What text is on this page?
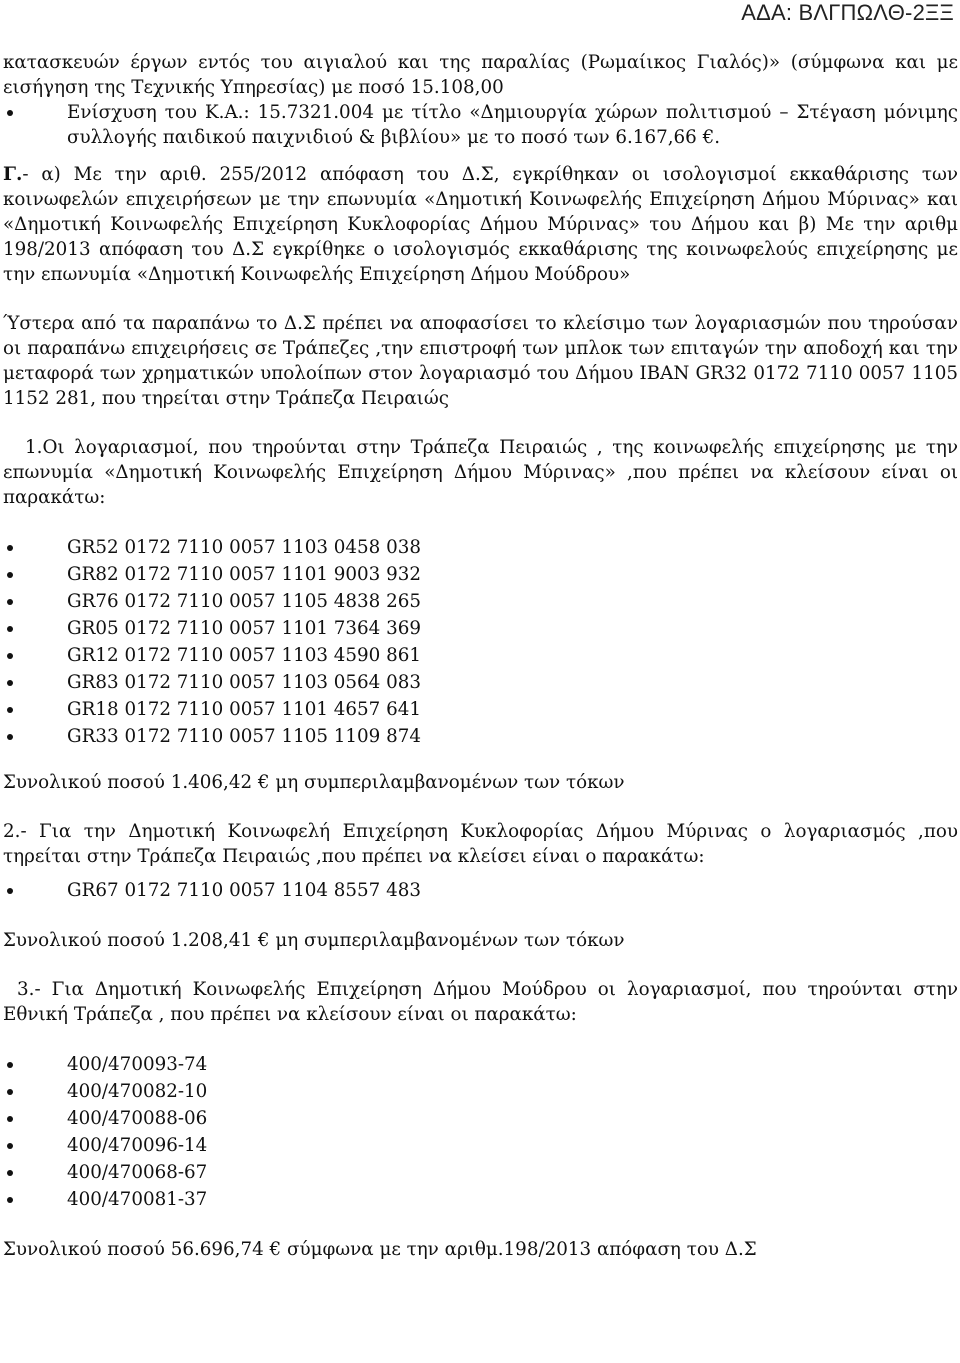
ΑΔΑ: ΒΛΓΠΩΛΘ-2ΞΞ

κατασκευών έργων εντός του αιγιαλού και της παραλίας (Ρωμαίικος Γιαλός)» (σύμφωνα και με εισήγηση της Τεχνικής Υπηρεσίας) με ποσό 15.108,00

Ενίσχυση του Κ.Α.: 15.7321.004 με τίτλο «Δημιουργία χώρων πολιτισμού – Στέγαση μόνιμης συλλογής παιδικού παιχνιδιού & βιβλίου» με το ποσό των 6.167,66 €.

Γ.- α) Με την αριθ. 255/2012 απόφαση του Δ.Σ, εγκρίθηκαν οι ισολογισμοί εκκαθάρισης των κοινωφελών επιχειρήσεων με την επωνυμία «Δημοτική Κοινωφελής Επιχείρηση Δήμου Μύρινας» και «Δημοτική Κοινωφελής Επιχείρηση Κυκλοφορίας Δήμου Μύρινας» του Δήμου και β) Με την αριθμ 198/2013 απόφαση του Δ.Σ εγκρίθηκε ο ισολογισμός εκκαθάρισης της κοινωφελούς επιχείρησης με την επωνυμία «Δημοτική Κοινωφελής Επιχείρηση Δήμου Μούδρου»

Ύστερα από τα παραπάνω το Δ.Σ πρέπει να αποφασίσει το κλείσιμο των λογαριασμών που τηρούσαν οι παραπάνω επιχειρήσεις σε Τράπεζες ,την επιστροφή των μπλοκ των επιταγών την αποδοχή και την μεταφορά των χρηματικών υπολοίπων στον λογαριασμό του Δήμου IBAN GR32 0172 7110 0057 1105 1152 281, που τηρείται στην Τράπεζα Πειραιώς

1.Οι λογαριασμοί, που τηρούνται στην Τράπεζα Πειραιώς , της κοινωφελής επιχείρησης με την επωνυμία «Δημοτική Κοινωφελής Επιχείρηση Δήμου Μύρινας» ,που πρέπει να κλείσουν είναι οι παρακάτω:

GR52 0172 7110 0057 1103 0458 038
GR82 0172 7110 0057 1101 9003 932
GR76 0172 7110 0057 1105 4838 265
GR05 0172 7110 0057 1101 7364 369
GR12 0172 7110 0057 1103 4590 861
GR83 0172 7110 0057 1103 0564 083
GR18 0172 7110 0057 1101 4657 641
GR33 0172 7110 0057 1105 1109 874

Συνολικού ποσού 1.406,42 € μη συμπεριλαμβανομένων των τόκων

2.- Για την Δημοτική Κοινωφελή Επιχείρηση Κυκλοφορίας Δήμου Μύρινας ο λογαριασμός ,που τηρείται στην Τράπεζα Πειραιώς ,που πρέπει να κλείσει είναι ο παρακάτω:

GR67 0172 7110 0057 1104 8557 483

Συνολικού ποσού 1.208,41 € μη συμπεριλαμβανομένων των τόκων

3.- Για Δημοτική Κοινωφελής Επιχείρηση Δήμου Μούδρου οι λογαριασμοί, που τηρούνται στην Εθνική Τράπεζα , που πρέπει να κλείσουν είναι οι παρακάτω:

400/470093-74
400/470082-10
400/470088-06
400/470096-14
400/470068-67
400/470081-37

Συνολικού ποσού 56.696,74 € σύμφωνα με την αριθμ.198/2013 απόφαση του Δ.Σ
